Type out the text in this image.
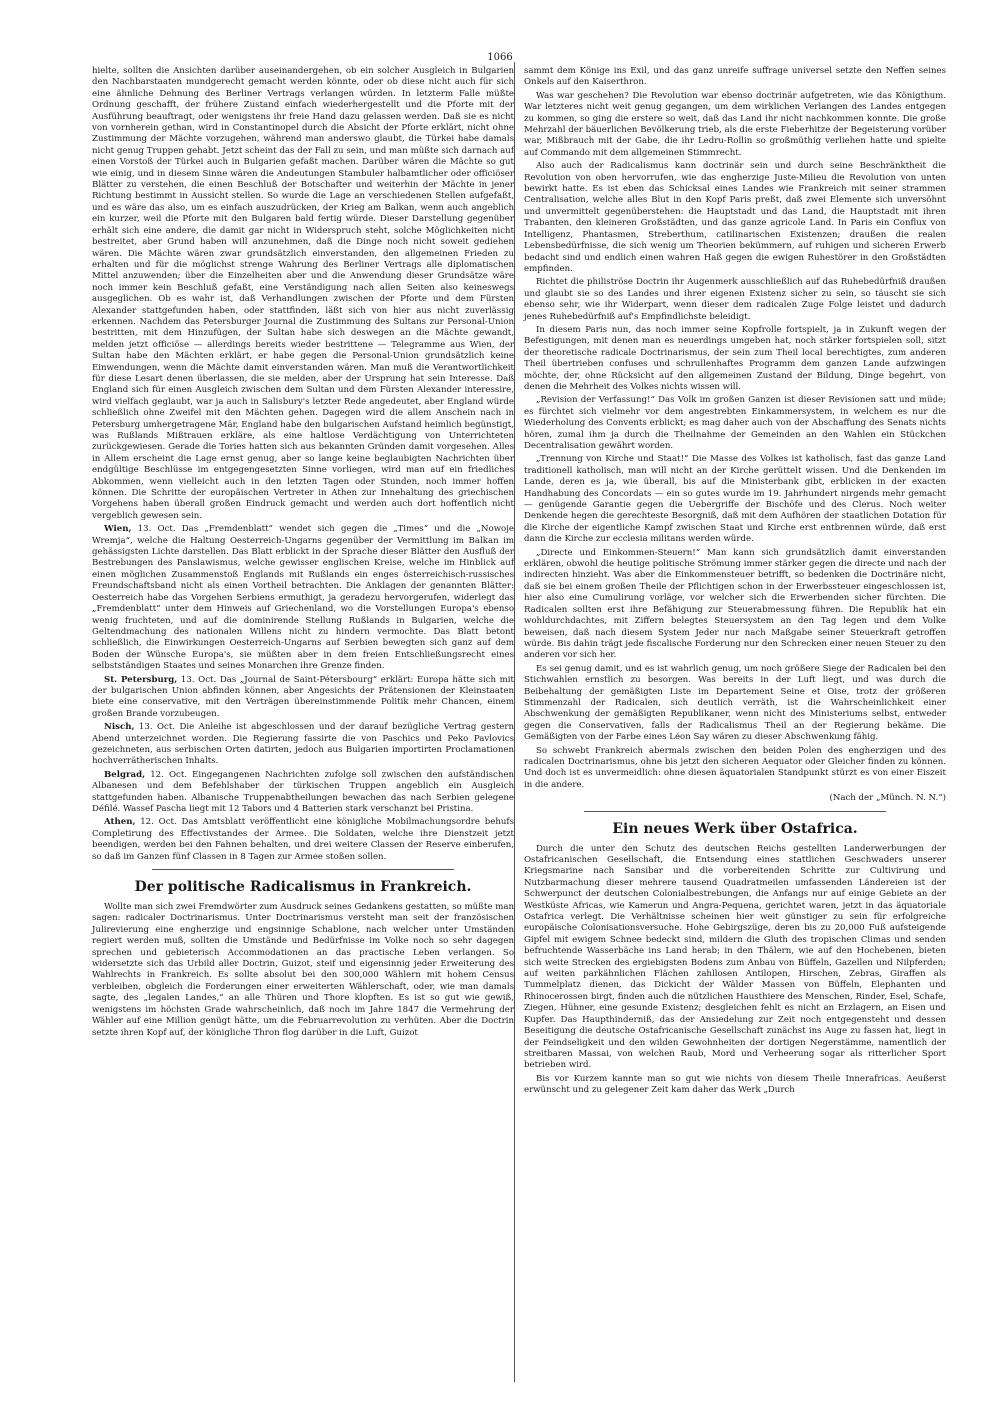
1066

hielte, sollten die Ansichten darüber auseinandergehen, ob ein solcher Ausgleich in Bulgarien den Nachbarstaaten mundgerecht gemacht werden könnte, oder ob diese nicht auch für sich eine ähnliche Dehnung des Berliner Vertrags verlangen würden. In letzterm Falle müßte Ordnung geschafft, der frühere Zustand einfach wiederhergestellt und die Pforte mit der Ausführung beauftragt, oder wenigstens ihr freie Hand dazu gelassen werden. Daß sie es nicht von vornherein gethan, wird in Constantinopel durch die Absicht der Pforte erklärt, nicht ohne Zustimmung der Mächte vorzugehen, während man anderswo glaubt, die Türkei habe damals nicht genug Truppen gehabt. Jetzt scheint das der Fall zu sein, und man müßte sich darnach auf einen Vorstoß der Türkei auch in Bulgarien gefaßt machen. Darüber wären die Mächte so gut wie einig, und in diesem Sinne wären die Andeutungen Stambuler halbamtlicher oder officiöser Blätter zu verstehen, die einen Beschluß der Botschafter und weiterhin der Mächte in jener Richtung bestimmt in Aussicht stellen. So wurde die Lage an verschiedenen Stellen aufgefaßt, und es wäre das also, um es einfach auszudrücken, der Krieg am Balkan, wenn auch angeblich ein kurzer, weil die Pforte mit den Bulgaren bald fertig würde. Dieser Darstellung gegenüber erhält sich eine andere, die damit gar nicht in Widerspruch steht, solche Möglichkeiten nicht bestreitet, aber Grund haben will anzunehmen, daß die Dinge noch nicht soweit gediehen wären. Die Mächte wären zwar grundsätzlich einverstanden, den allgemeinen Frieden zu erhalten und für die möglichst strenge Wahrung des Berliner Vertrags alle diplomatischen Mittel anzuwenden; über die Einzelheiten aber und die Anwendung dieser Grundsätze wäre noch immer kein Beschluß gefaßt, eine Verständigung nach allen Seiten also keineswegs ausgeglichen. Ob es wahr ist, daß Verhandlungen zwischen der Pforte und dem Fürsten Alexander stattgefunden haben, oder stattfinden, läßt sich von hier aus nicht zuverlässig erkennen. Nachdem das Petersburger Journal die Zustimmung des Sultans zur Personal-Union bestritten, mit dem Hinzufügen, der Sultan habe sich deswegen an die Mächte gewandt, melden jetzt officiöse — allerdings bereits wieder bestrittene — Telegramme aus Wien, der Sultan habe den Mächten erklärt, er habe gegen die Personal-Union grundsätzlich keine Einwendungen, wenn die Mächte damit einverstanden wären. Man muß die Verantwortlichkeit für diese Lesart denen überlassen, die sie melden, aber der Ursprung hat sein Interesse. Daß England sich für einen Ausgleich zwischen dem Sultan und dem Fürsten Alexander interessire, wird vielfach geglaubt, war ja auch in Salisbury's letzter Rede angedeutet, aber England würde schließlich ohne Zweifel mit den Mächten gehen. Dagegen wird die allem Anschein nach in Petersburg umhergetragene Mär, England habe den bulgarischen Aufstand heimlich begünstigt, was Rußlands Mißtrauen erkläre, als eine haltlose Verdächtigung von Unterrichteten zurückgewiesen. Gerade die Tories hatten sich aus bekannten Gründen damit vorgesehen. Alles in Allem erscheint die Lage ernst genug, aber so lange keine beglaubigten Nachrichten über endgültige Beschlüsse im entgegengesetzten Sinne vorliegen, wird man auf ein friedliches Abkommen, wenn vielleicht auch in den letzten Tagen oder Stunden, noch immer hoffen können. Die Schritte der europäischen Vertreter in Athen zur Innehaltung des griechischen Vorgehens haben überall großen Eindruck gemacht und werden auch dort hoffentlich nicht vergeblich gewesen sein.

Wien, 13. Oct. Das „Fremdenblatt“ wendet sich gegen die „Times“ und die „Nowoje Wremja“, welche die Haltung Oesterreich-Ungarns gegenüber der Vermittlung im Balkan im gehässigsten Lichte darstellen. Das Blatt erblickt in der Sprache dieser Blätter den Ausfluß der Bestrebungen des Panslawismus, welche gewisser englischen Kreise, welche im Hinblick auf einen möglichen Zusammenstoß Englands mit Rußlands ein enges österreichisch-russisches Freundschaftsband nicht als einen Vortheil betrachten. Die Anklagen der genannten Blätter: Oesterreich habe das Vorgehen Serbiens ermuthigt, ja geradezu hervorgerufen, widerlegt das „Fremdenblatt“ unter dem Hinweis auf Griechenland, wo die Vorstellungen Europa's ebenso wenig fruchteten, und auf die dominirende Stellung Rußlands in Bulgarien, welche die Geltendmachung des nationalen Willens nicht zu hindern vermochte. Das Blatt betont schließlich, die Einwirkungen Oesterreich-Ungarns auf Serbien bewegten sich ganz auf dem Boden der Wünsche Europa's, sie müßten aber in dem freien Entschließungsrecht eines selbstständigen Staates und seines Monarchen ihre Grenze finden.

St. Petersburg, 13. Oct. Das „Journal de Saint-Pétersbourg“ erklärt: Europa hätte sich mit der bulgarischen Union abfinden können, aber Angesichts der Prätensionen der Kleinstaaten biete eine conservative, mit den Verträgen übereinstimmende Politik mehr Chancen, einem großen Brande vorzubeugen.

Nisch, 13. Oct. Die Anleihe ist abgeschlossen und der darauf bezügliche Vertrag gestern Abend unterzeichnet worden. Die Regierung fassirte die von Paschics und Peko Pavlovics gezeichneten, aus serbischen Orten datirten, jedoch aus Bulgarien importirten Proclamationen hochverrätherischen Inhalts.

Belgrad, 12. Oct. Eingegangenen Nachrichten zufolge soll zwischen den aufständischen Albanesen und dem Befehlshaber der türkischen Truppen angeblich ein Ausgleich stattgefunden haben. Albanische Truppenabtheilungen bewachen das nach Serbien gelegene Défilé. Wassef Pascha liegt mit 12 Tabors und 4 Batterien stark verschanzt bei Pristina.

Athen, 12. Oct. Das Amtsblatt veröffentlicht eine königliche Mobilmachungsordre behufs Completirung des Effectivstandes der Armee. Die Soldaten, welche ihre Dienstzeit jetzt beendigen, werden bei den Fahnen behalten, und drei weitere Classen der Reserve einberufen, so daß im Ganzen fünf Classen in 8 Tagen zur Armee stoßen sollen.

Der politische Radicalismus in Frankreich.

Wollte man sich zwei Fremdwörter zum Ausdruck seines Gedankens gestatten, so müßte man sagen: radicaler Doctrinarismus. Unter Doctrinarismus versteht man seit der französischen Julirevierung eine engherzige und engsinnige Schablone, nach welcher unter Umständen regiert werden muß, sollten die Umstände und Bedürfnisse im Volke noch so sehr dagegen sprechen und gebieterisch Accommodationen an das practische Leben verlangen. So widersetzte sich das Urbild aller Doctrin, Guizot, steif und eigensinnig jeder Erweiterung des Wahlrechts in Frankreich. Es sollte absolut bei den 300,000 Wählern mit hohem Census verbleiben, obgleich die Forderungen einer erweiterten Wählerschaft, oder, wie man damals sagte, des „legalen Landes,“ an alle Thüren und Thore klopften. Es ist so gut wie gewiß, wenigstens im höchsten Grade wahrscheinlich, daß noch im Jahre 1847 die Vermehrung der Wähler auf eine Million genügt hätte, um die Februarrevolution zu verhüten. Aber die Doctrin setzte ihren Kopf auf, der königliche Thron flog darüber in die Luft, Guizot

sammt dem Könige ins Exil, und das ganz unreife suffrage universel setzte den Neffen seines Onkels auf den Kaiserthron.

Was war geschehen? Die Revolution war ebenso doctrinär aufgetreten, wie das Königthum. War letzteres nicht weit genug gegangen, um dem wirklichen Verlangen des Landes entgegen zu kommen, so ging die erstere so weit, daß das Land ihr nicht nachkommen konnte. Die große Mehrzahl der bäuerlichen Bevölkerung trieb, als die erste Fieberhitze der Begeisterung vorüber war, Mißbrauch mit der Gabe, die ihr Ledru-Rollin so großmüthig verliehen hatte und spielte auf Commando mit dem allgemeinen Stimmrecht.

Also auch der Radicalismus kann doctrinär sein und durch seine Beschränktheit die Revolution von oben hervorrufen, wie das engherzige Juste-Milieu die Revolution von unten bewirkt hatte. Es ist eben das Schicksal eines Landes wie Frankreich mit seiner strammen Centralisation, welche alles Blut in den Kopf Paris preßt, daß zwei Elemente sich unversöhnt und unvermittelt gegenüberstehen: die Hauptstadt und das Land, die Hauptstadt mit ihren Trabanten, den kleineren Großstädten, und das ganze agricole Land. In Paris ein Conflux von Intelligenz, Phantasmen, Streberthum, catilinarischen Existenzen; draußen die realen Lebensbedürfnisse, die sich wenig um Theorien bekümmern, auf ruhigen und sicheren Erwerb bedacht sind und endlich einen wahren Haß gegen die ewigen Ruhestörer in den Großstädten empfinden.

Richtet die philiströse Doctrin ihr Augenmerk ausschließlich auf das Ruhebedürfniß draußen und glaubt sie so des Landes und ihrer eigenen Existenz sicher zu sein, so täuscht sie sich ebenso sehr, wie ihr Widerpart, wenn dieser dem radicalen Zuge Folge leistet und dadurch jenes Ruhebedürfniß auf's Empfindlichste beleidigt.

In diesem Paris nun, das noch immer seine Kopfrolle fortspielt, ja in Zukunft wegen der Befestigungen, mit denen man es neuerdings umgeben hat, noch stärker fortspielen soll, sitzt der theoretische radicale Doctrinarismus, der sein zum Theil local berechtigtes, zum anderen Theil übertrieben confuses und schrullenhaftes Programm dem ganzen Lande aufzwingen möchte, der, ohne Rücksicht auf den allgemeinen Zustand der Bildung, Dinge begehrt, von denen die Mehrheit des Volkes nichts wissen will.

„Revision der Verfassung!“ Das Volk im großen Ganzen ist dieser Revisionen satt und müde; es fürchtet sich vielmehr vor dem angestrebten Einkammersystem, in welchem es nur die Wiederholung des Convents erblickt; es mag daher auch von der Abschaffung des Senats nichts hören, zumal ihm ja durch die Theilnahme der Gemeinden an den Wahlen ein Stückchen Decentralisation gewährt worden.

„Trennung von Kirche und Staat!“ Die Masse des Volkes ist katholisch, fast das ganze Land traditionell katholisch, man will nicht an der Kirche gerüttelt wissen. Und die Denkenden im Lande, deren es ja, wie überall, bis auf die Ministerbank gibt, erblicken in der exacten Handhabung des Concordats — ein so gutes wurde im 19. Jahrhundert nirgends mehr gemacht — genügende Garantie gegen die Uebergriffe der Bischöfe und des Clerus. Noch weiter Denkende hegen die gerechteste Besorgniß, daß mit dem Aufhören der staatlichen Dotation für die Kirche der eigentliche Kampf zwischen Staat und Kirche erst entbrennen würde, daß erst dann die Kirche zur ecclesia militans werden würde.

„Directe und Einkommen-Steuern!“ Man kann sich grundsätzlich damit einverstanden erklären, obwohl die heutige politische Strömung immer stärker gegen die directe und nach der indirecten hinzieht. Was aber die Einkommensteuer betrifft, so bedenken die Doctrinäre nicht, daß sie bei einem großen Theile der Pflichtigen schon in der Erwerbssteuer eingeschlossen ist, hier also eine Cumulirung vorläge, vor welcher sich die Erwerbenden sicher fürchten. Die Radicalen sollten erst ihre Befähigung zur Steuerabmessung führen. Die Republik hat ein wohldurchdachtes, mit Ziffern belegtes Steuersystem an den Tag legen und dem Volke beweisen, daß nach diesem System Jeder nur nach Maßgabe seiner Steuerkraft getroffen würde. Bis dahin trägt jede fiscalische Forderung nur den Schrecken einer neuen Steuer zu den anderen vor sich her.

Es sei genug damit, und es ist wahrlich genug, um noch größere Siege der Radicalen bei den Stichwahlen ernstlich zu besorgen. Was bereits in der Luft liegt, und was durch die Beibehaltung der gemäßigten Liste im Departement Seine et Oise, trotz der größeren Stimmenzahl der Radicalen, sich deutlich verräth, ist die Wahrscheinlichkeit einer Abschwenkung der gemäßigten Republikaner, wenn nicht des Ministeriums selbst, entweder gegen die Conservativen, falls der Radicalismus Theil an der Regierung bekäme. Die Gemäßigten von der Farbe eines Léon Say wären zu dieser Abschwenkung fähig.

So schwebt Frankreich abermals zwischen den beiden Polen des engherzigen und des radicalen Doctrinarismus, ohne bis jetzt den sicheren Aequator oder Gleicher finden zu können. Und doch ist es unvermeidlich: ohne diesen äquatorialen Standpunkt stürzt es von einer Eiszeit in die andere.

(Nach der „Münch. N. N.“)

Ein neues Werk über Ostafrica.

Durch die unter den Schutz des deutschen Reichs gestellten Landerwerbungen der Ostafricanischen Gesellschaft, die Entsendung eines stattlichen Geschwaders unserer Kriegsmarine nach Sansibar und die vorbereitenden Schritte zur Cultivirung und Nutzbarmachung dieser mehrere tausend Quadratmeilen umfassenden Ländereien ist der Schwerpunct der deutschen Colonialbestrebungen, die Anfangs nur auf einige Gebiete an der Westküste Africas, wie Kamerun und Angra-Pequena, gerichtet waren, jetzt in das äquatoriale Ostafrica verlegt. Die Verhältnisse scheinen hier weit günstiger zu sein für erfolgreiche europäische Colonisationsversuche. Hohe Gebirgszüge, deren bis zu 20,000 Fuß aufsteigende Gipfel mit ewigem Schnee bedeckt sind, mildern die Gluth des tropischen Climas und senden befruchtende Wasserbäche ins Land herab; in den Thälern, wie auf den Hochebenen, bieten sich weite Strecken des ergiebigsten Bodens zum Anbau von Büffeln, Gazellen und Nilpferden; auf weiten parkähnlichen Flächen zahllosen Antilopen, Hirschen, Zebras, Giraffen als Tummelplatz dienen, das Dickicht der Wälder Massen von Büffeln, Elephanten und Rhinocerossen birgt, finden auch die nützlichen Hausthiere des Menschen, Rinder, Esel, Schafe, Ziegen, Hühner, eine gesunde Existenz; desgleichen fehlt es nicht an Erzlagern, an Eisen und Kupfer. Das Haupthinderniß, das der Ansiedelung zur Zeit noch entgegensteht und dessen Beseitigung die deutsche Ostafricanische Gesellschaft zunächst ins Auge zu fassen hat, liegt in der Feindseligkeit und den wilden Gewohnheiten der dortigen Negerstämme, namentlich der streitbaren Massai, von welchen Raub, Mord und Verheerung sogar als ritterlicher Sport betrieben wird.

Bis vor Kurzem kannte man so gut wie nichts von diesem Theile Innerafricas. Aeußerst erwünscht und zu gelegener Zeit kam daher das Werk „Durch
